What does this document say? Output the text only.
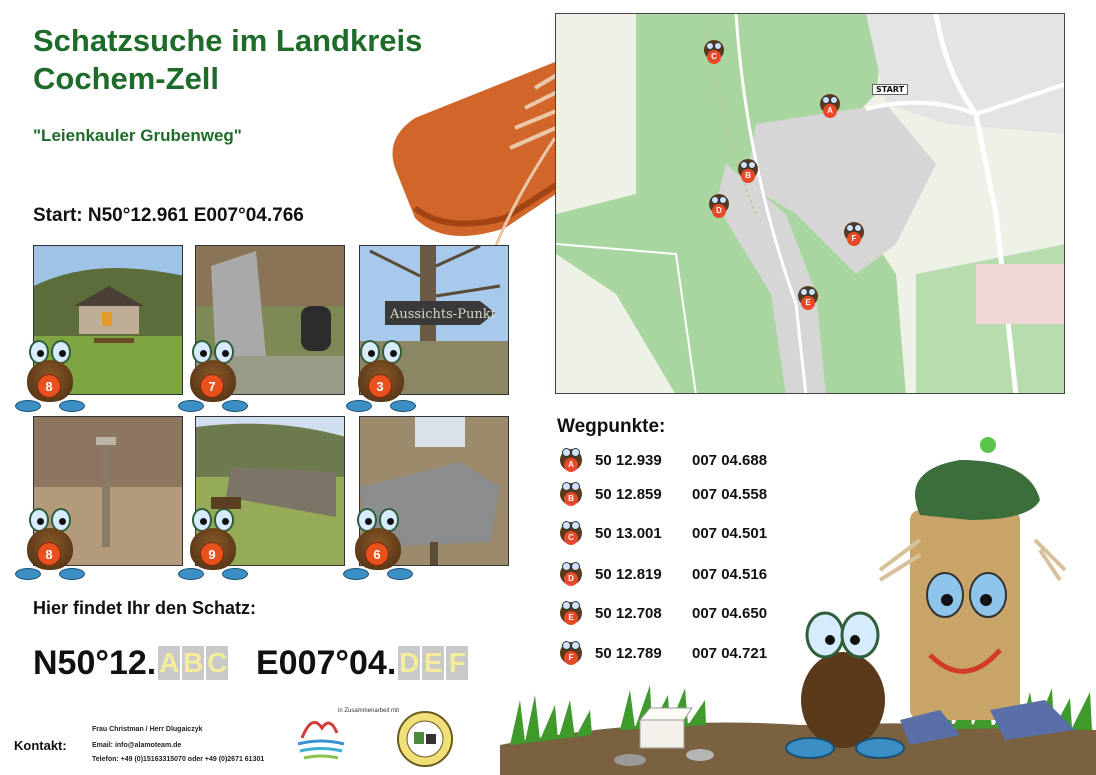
Schatzsuche im Landkreis Cochem-Zell
"Leienkauler Grubenweg"
Start: N50°12.961 E007°04.766
START
C
A
B
D
F
E
Aussichts-Punkt
8	7	3
8	9	6
Wegpunkte:
A 50 12.939 007 04.688
B 50 12.859 007 04.558
C 50 13.001 007 04.501
D 50 12.819 007 04.516
E 50 12.708 007 04.650
F	50 12.789 007 04.721
Hier findet Ihr den Schatz:
N50°12. A B C E007°04. D E F
Kontakt:
Frau Christman / Herr Dlugaiczyk
Email: info@alamoteam.de
Telefon: +49 (0)15163315070 oder +49 (0)2671 61301
in Zusammenarbeit mit
